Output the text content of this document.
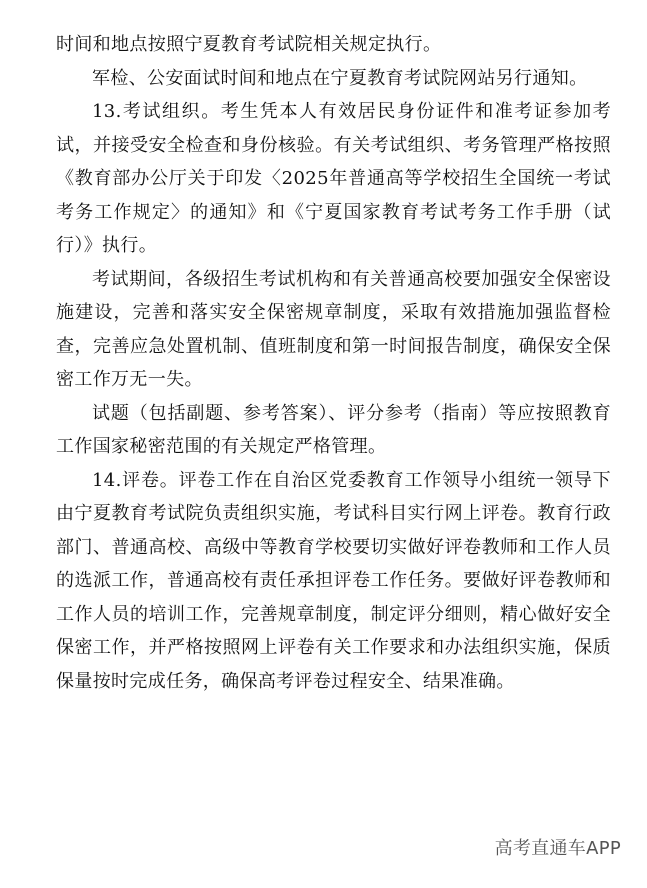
时间和地点按照宁夏教育考试院相关规定执行。

军检、公安面试时间和地点在宁夏教育考试院网站另行通知。

13.考试组织。考生凭本人有效居民身份证件和准考证参加考试，并接受安全检查和身份核验。有关考试组织、考务管理严格按照《教育部办公厅关于印发〈2025年普通高等学校招生全国统一考试考务工作规定〉的通知》和《宁夏国家教育考试考务工作手册（试行）》执行。

考试期间，各级招生考试机构和有关普通高校要加强安全保密设施建设，完善和落实安全保密规章制度，采取有效措施加强监督检查，完善应急处置机制、值班制度和第一时间报告制度，确保安全保密工作万无一失。

试题（包括副题、参考答案）、评分参考（指南）等应按照教育工作国家秘密范围的有关规定严格管理。

14.评卷。评卷工作在自治区党委教育工作领导小组统一领导下由宁夏教育考试院负责组织实施，考试科目实行网上评卷。教育行政部门、普通高校、高级中等教育学校要切实做好评卷教师和工作人员的选派工作，普通高校有责任承担评卷工作任务。要做好评卷教师和工作人员的培训工作，完善规章制度，制定评分细则，精心做好安全保密工作，并严格按照网上评卷有关工作要求和办法组织实施，保质保量按时完成任务，确保高考评卷过程安全、结果准确。

高考直通车APP
